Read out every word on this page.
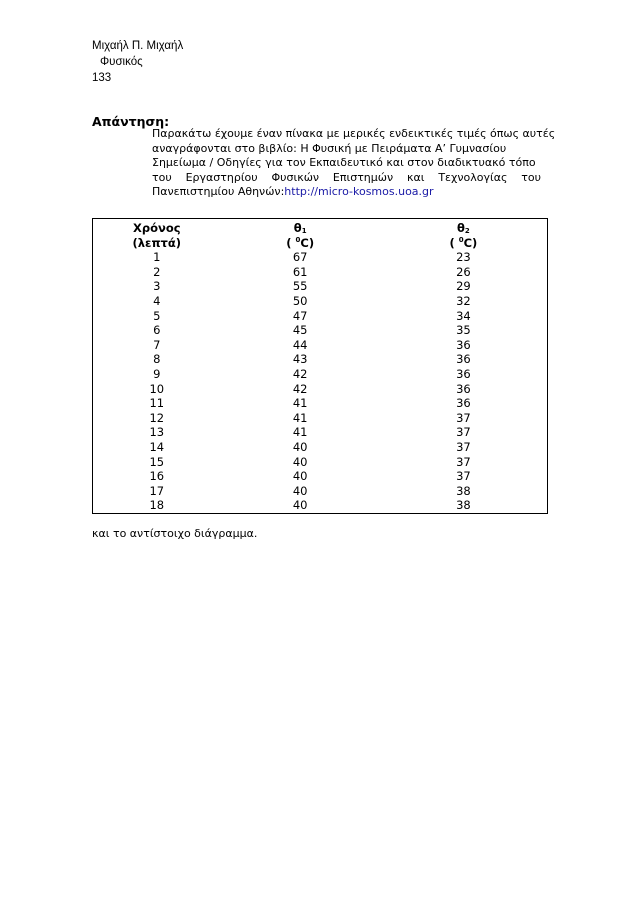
Μιχαήλ Π. Μιχαήλ
Φυσικός
133
Απάντηση:
Παρακάτω έχουμε έναν πίνακα με μερικές ενδεικτικές τιμές όπως αυτές
αναγράφονται στο βιβλίο: Η Φυσική με Πειράματα Α’ Γυμνασίου
Σημείωμα / Οδηγίες για τον Εκπαιδευτικό και στον διαδικτυακό τόπο
του Εργαστηρίου Φυσικών Επιστημών και Τεχνολογίας του
Πανεπιστημίου Αθηνών:http://micro-kosmos.uoa.gr
Χρόνος	$\theta_1$	$\theta_2$
(λεπτά)	( $^0$C)	( $^0$C)
1	67	23
2	61	26
3	55	29
4	50	32
5	47	34
6	45	35
7	44	36
8	43	36
9	42	36
10	42	36
11	41	36
12	41	37
13	41	37
14	40	37
15	40	37
16	40	37
17	40	38
18	40	38
και το αντίστοιχο διάγραμμα.
